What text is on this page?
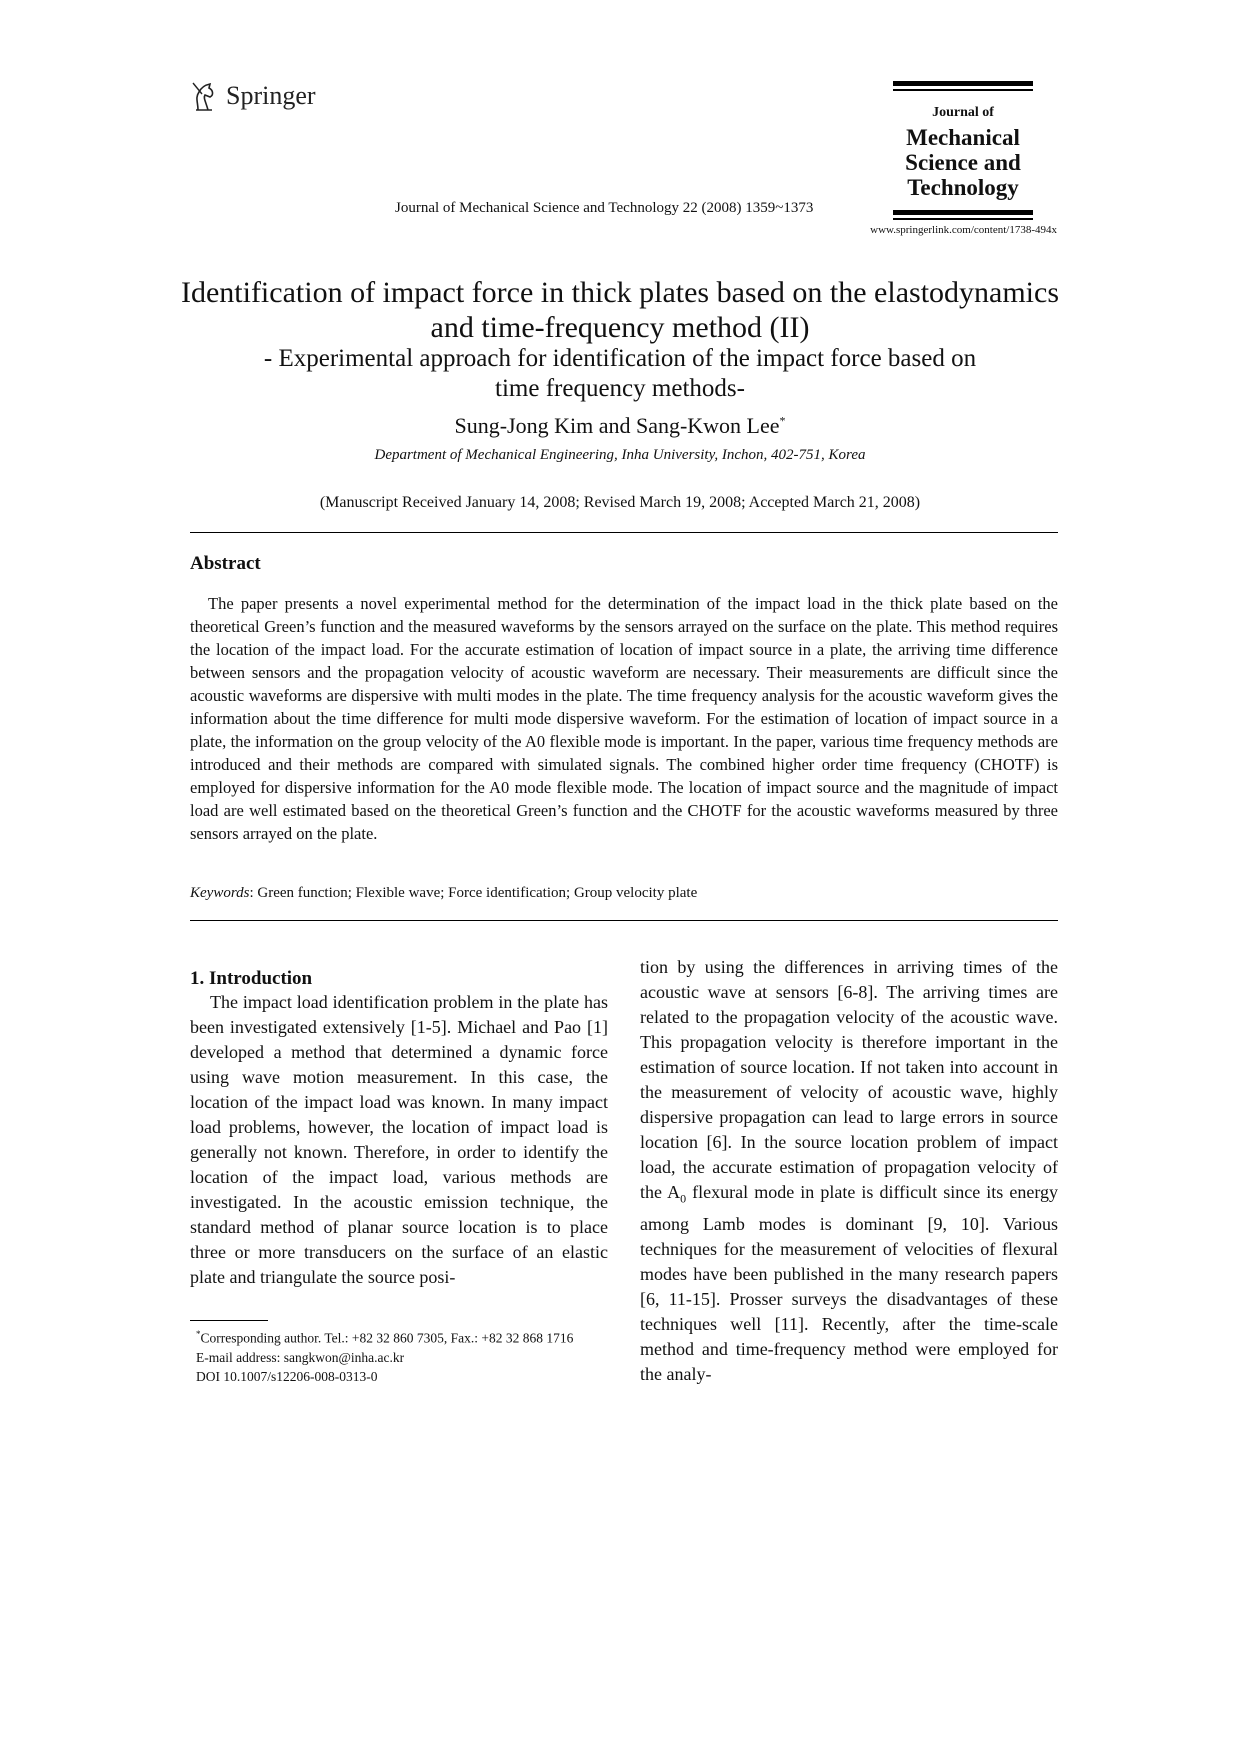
Springer
Journal of
Mechanical
Science and
Technology
Journal of Mechanical Science and Technology 22 (2008) 1359~1373
www.springerlink.com/content/1738-494x
Identification of impact force in thick plates based on the elastodynamics
and time-frequency method (II)
- Experimental approach for identification of the impact force based on
time frequency methods-
Sung-Jong Kim and Sang-Kwon Lee*
Department of Mechanical Engineering, Inha University, Inchon, 402-751, Korea
(Manuscript Received January 14, 2008; Revised March 19, 2008; Accepted March 21, 2008)
Abstract
The paper presents a novel experimental method for the determination of the impact load in the thick plate based on the theoretical Green’s function and the measured waveforms by the sensors arrayed on the surface on the plate. This method requires the location of the impact load. For the accurate estimation of location of impact source in a plate, the arriving time difference between sensors and the propagation velocity of acoustic waveform are necessary. Their measurements are difficult since the acoustic waveforms are dispersive with multi modes in the plate. The time frequency analysis for the acoustic waveform gives the information about the time difference for multi mode dispersive waveform. For the estimation of location of impact source in a plate, the information on the group velocity of the A0 flexible mode is important. In the paper, various time frequency methods are introduced and their methods are compared with simulated signals. The combined higher order time frequency (CHOTF) is employed for dispersive information for the A0 mode flexible mode. The location of impact source and the magnitude of impact load are well estimated based on the theoretical Green’s function and the CHOTF for the acoustic waveforms measured by three sensors arrayed on the plate.
Keywords: Green function; Flexible wave; Force identification; Group velocity plate
1. Introduction
The impact load identification problem in the plate has been investigated extensively [1-5]. Michael and Pao [1] developed a method that determined a dynamic force using wave motion measurement. In this case, the location of the impact load was known. In many impact load problems, however, the location of impact load is generally not known. Therefore, in order to identify the location of the impact load, various methods are investigated. In the acoustic emission technique, the standard method of planar source location is to place three or more transducers on the surface of an elastic plate and triangulate the source posi-
tion by using the differences in arriving times of the acoustic wave at sensors [6-8]. The arriving times are related to the propagation velocity of the acoustic wave. This propagation velocity is therefore important in the estimation of source location. If not taken into account in the measurement of velocity of acoustic wave, highly dispersive propagation can lead to large errors in source location [6]. In the source location problem of impact load, the accurate estimation of propagation velocity of the $A_0$ flexural mode in plate is difficult since its energy among Lamb modes is dominant [9, 10]. Various techniques for the measurement of velocities of flexural modes have been published in the many research papers [6, 11-15]. Prosser surveys the disadvantages of these techniques well [11]. Recently, after the time-scale method and time-frequency method were employed for the analy-
*Corresponding author. Tel.: +82 32 860 7305, Fax.: +82 32 868 1716
E-mail address: sangkwon@inha.ac.kr
DOI 10.1007/s12206-008-0313-0
